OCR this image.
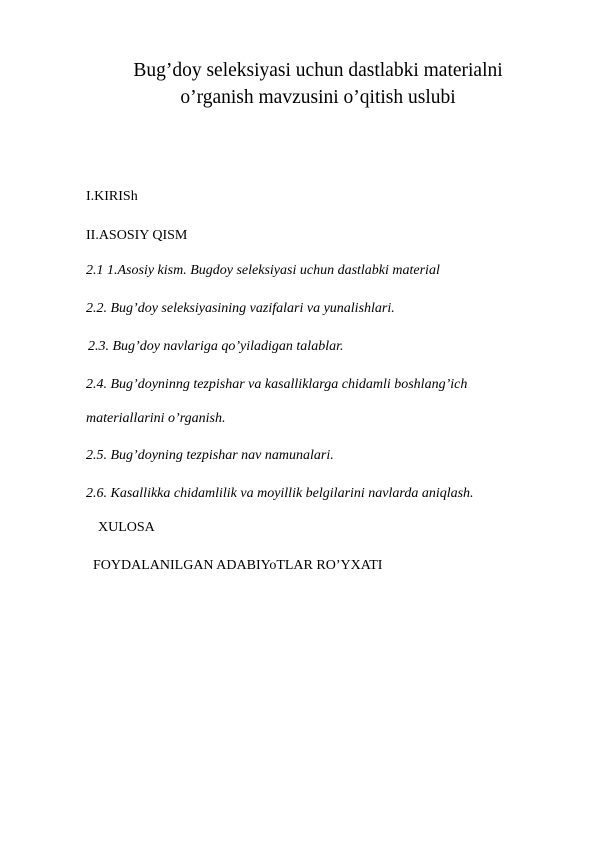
Bug’doy seleksiyasi uchun dastlabki materialni
o’rganish mavzusini o’qitish uslubi
I.KIRISh
II.ASOSIY QISM
2.1 1.Asosiy kism. Bugdoy seleksiyasi uchun dastlabki material
2.2. Bug’doy seleksiyasining vazifalari va yunalishlari.
2.3. Bug’doy navlariga qo’yiladigan talablar.
2.4. Bug’doyninng tezpishar va kasalliklarga chidamli boshlang’ich
materiallarini o’rganish.
2.5. Bug’doyning tezpishar nav namunalari.
2.6. Kasallikka chidamlilik va moyillik belgilarini navlarda aniqlash.
XULOSA
FOYDALANILGAN ADABIYoTLAR RO’YXATI
